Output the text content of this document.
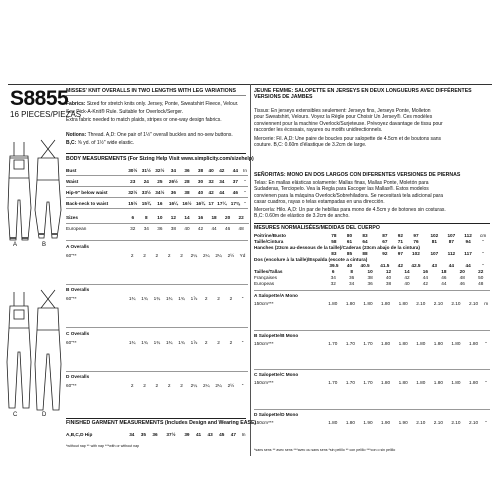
S8855
16 PIECES/PIEZAS
A	B
C	D
MISSES' KNIT OVERALLS IN TWO LENGTHS WITH LEG VARIATIONS
Fabrics: Sized for stretch knits only. Jersey, Ponte, Sweatshirt Fleece, Velour.
See Pick-A-Knit® Rule. Suitable for Overlock/Serger.
Extra fabric needed to match plaids, stripes or one-way design fabrics.
Notions: Thread. A,D: One pair of 1½" overall buckles and no-sew buttons.
B,C: ⅝ yd. of 1½" wide elastic.
BODY MEASUREMENTS (For Sizing Help Visit www.simplicity.com/sizehelp)
Bust	30½	31½	32½	34	36	38	40	42	44	In

Waist	23	24	25	26½	28	30	32	34	37	"

Hip-9" below waist	32½	33½	34½	36	38	40	42	44	46	"

Back-neck to waist	15½	15¾	16	16¼	16½	16¾	17	17¼	17⅜	"

Sizes	6	8	10	12	14	16	18	20	22	

European	32	34	36	38	40	42	44	46	48	

A Overalls										
60"**	2	2	2	2	2	2¼	2¼	2¼	2½	Yd

B Overalls										
60"**	1¾	1¾	1¾	1¾	1¾	1⅞	2	2	2	"

C Overalls										
60"**	1¾	1¾	1¾	1¾	1¾	1⅞	2	2	2	"

D Overalls										
60"**	2	2	2	2	2	2¼	2¼	2¼	2½	"

FINISHED GARMENT MEASUREMENTS (Includes Design and Wearing EASE)
A,B,C,D Hip	34	35	36	37½	39	41	43	45	47	In
*without nap ** with nap ***with or without nap
JEUNE FEMME: SALOPETTE EN JERSEYS EN DEUX LONGUEURS AVEC DIFFÉRENTES VERSIONS DE JAMBES
Tissus: En jerseys extensibles seulement: Jerseys fins, Jerseys Ponte, Molleton
pour Sweatshirt, Velours. Voyez la Règle pour Choisir Un Jersey®. Ces modèles
conviennent pour la machine Overlock/Surjeteuse. Prévoyez davantage de tissu pour
raccorder les écossais, rayures ou motifs unidirectionnels.
Mercerie: Fil. A,D: Une paire de boucles pour salopette de 4.5cm et de boutons sans
couture. B,C: 0.60m d'élastique de 3.2cm de large.
SEÑORITAS: MONO EN DOS LARGOS CON DIFERENTES VERSIONES DE PIERNAS
Telas: En mallas elásticas solamente: Mallas finas, Mallas Ponte, Moletón para
Sudaderas, Terciopelo. Vea la Regla para Escoger las Mallas®. Estos modelos
convienen para la máquina Overlock/Sobrehiladora. Se necesitará tela adicional para
casar cuadros, rayas o telas estampadas en una dirección.
Mercería: Hilo. A,D: Un par de hebillas para mono de 4.5cm y de botones sin costuras.
B,C: 0.60m de elástico de 3.2cm de ancho.
MESURES NORMALISÉES/MEDIDAS DEL CUERPO
Poitrine/Busto	78	80	83	87	92	97	102	107	112	cm
Taille/Cintura	58	61	64	67	71	76	81	87	94	"
Hanches (23cm au-dessous de la taille)/Caderas (23cm abajo de la cintura)										
	83	85	88	92	97	102	107	112	117	"
Dos (encolure à la taille)/Espalda (escote a cintura)										
	39.5	40	40.5	41.5	42	42.5	43	44	44	"
Tailles/Tallas	6	8	10	12	14	16	18	20	22	
Françaises	34	36	38	40	42	44	46	48	50	
Europeas	32	34	36	38	40	42	44	46	48	

A Salopette/A Mono										
150cm***	1.80	1.80	1.80	1.80	1.80	2.10	2.10	2.10	2.10	m

B Salopette/B Mono										
150cm***	1.70	1.70	1.70	1.80	1.80	1.80	1.80	1.80	1.80	"

C Salopette/C Mono										
150cm***	1.70	1.70	1.70	1.80	1.80	1.80	1.80	1.80	1.80	"

D Salopette/D Mono										
150cm***	1.80	1.80	1.90	1.90	1.90	2.10	2.10	2.10	2.10	"

*sans sens ** avec sens ***avec ou sans sens *sin pelillo ** con pelillo ***con o sin pelillo
